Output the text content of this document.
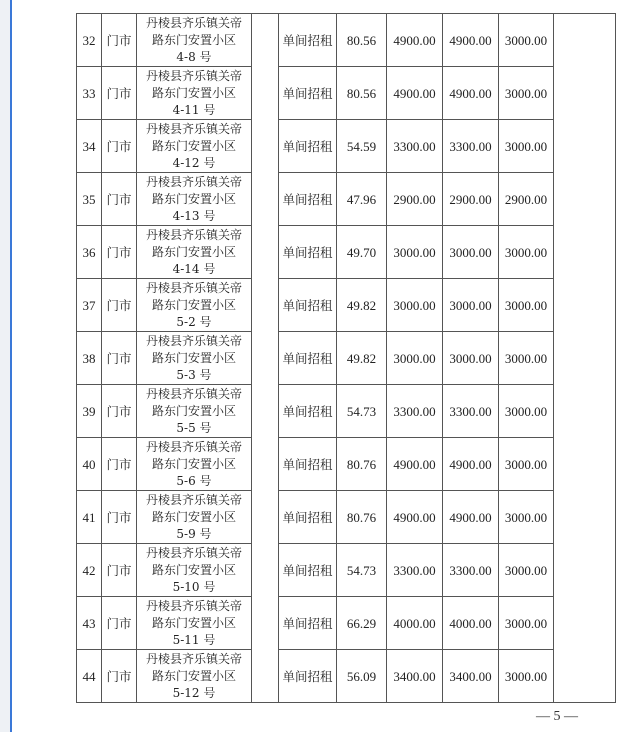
32	门市	丹棱县齐乐镇关帝
路东门安置小区
4-8 号		单间招租	80.56	4900.00	4900.00	3000.00	
33	门市	丹棱县齐乐镇关帝
路东门安置小区
4-11 号		单间招租	80.56	4900.00	4900.00	3000.00	
34	门市	丹棱县齐乐镇关帝
路东门安置小区
4-12 号		单间招租	54.59	3300.00	3300.00	3000.00	
35	门市	丹棱县齐乐镇关帝
路东门安置小区
4-13 号		单间招租	47.96	2900.00	2900.00	2900.00	
36	门市	丹棱县齐乐镇关帝
路东门安置小区
4-14 号		单间招租	49.70	3000.00	3000.00	3000.00	
37	门市	丹棱县齐乐镇关帝
路东门安置小区
5-2 号		单间招租	49.82	3000.00	3000.00	3000.00	
38	门市	丹棱县齐乐镇关帝
路东门安置小区
5-3 号		单间招租	49.82	3000.00	3000.00	3000.00	
39	门市	丹棱县齐乐镇关帝
路东门安置小区
5-5 号		单间招租	54.73	3300.00	3300.00	3000.00	
40	门市	丹棱县齐乐镇关帝
路东门安置小区
5-6 号		单间招租	80.76	4900.00	4900.00	3000.00	
41	门市	丹棱县齐乐镇关帝
路东门安置小区
5-9 号		单间招租	80.76	4900.00	4900.00	3000.00	
42	门市	丹棱县齐乐镇关帝
路东门安置小区
5-10 号		单间招租	54.73	3300.00	3300.00	3000.00	
43	门市	丹棱县齐乐镇关帝
路东门安置小区
5-11 号		单间招租	66.29	4000.00	4000.00	3000.00	
44	门市	丹棱县齐乐镇关帝
路东门安置小区
5-12 号		单间招租	56.09	3400.00	3400.00	3000.00	
— 5 —
